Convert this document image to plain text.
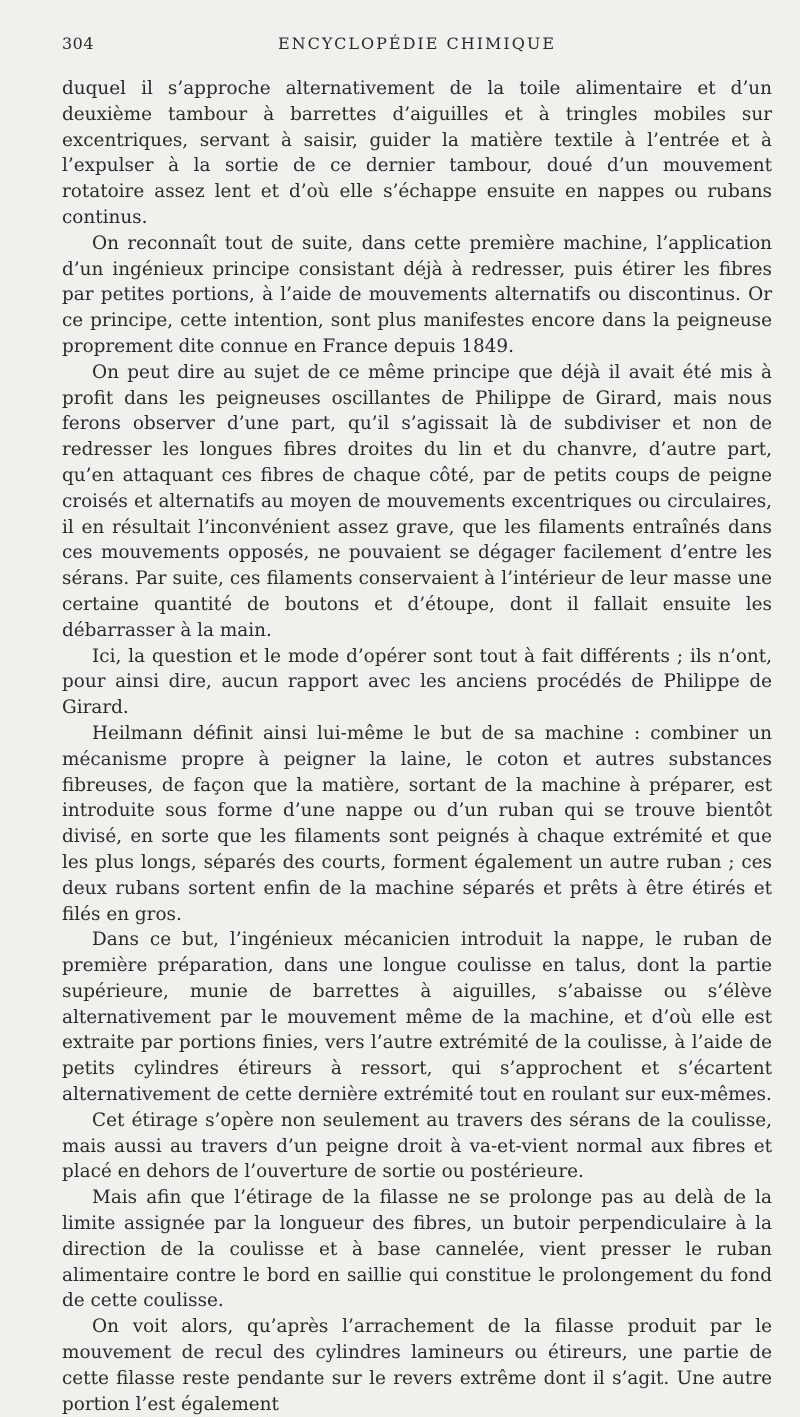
304	ENCYCLOPÉDIE CHIMIQUE

duquel il s’approche alternativement de la toile alimentaire et d’un deuxième tambour à barrettes d’aiguilles et à tringles mobiles sur excentriques, servant à saisir, guider la matière textile à l’entrée et à l’expulser à la sortie de ce dernier tambour, doué d’un mouvement rotatoire assez lent et d’où elle s’échappe ensuite en nappes ou rubans continus.

On reconnaît tout de suite, dans cette première machine, l’application d’un ingénieux principe consistant déjà à redresser, puis étirer les fibres par petites portions, à l’aide de mouvements alternatifs ou discontinus. Or ce principe, cette intention, sont plus manifestes encore dans la peigneuse proprement dite connue en France depuis 1849.

On peut dire au sujet de ce même principe que déjà il avait été mis à profit dans les peigneuses oscillantes de Philippe de Girard, mais nous ferons observer d’une part, qu’il s’agissait là de subdiviser et non de redresser les longues fibres droites du lin et du chanvre, d’autre part, qu’en attaquant ces fibres de chaque côté, par de petits coups de peigne croisés et alternatifs au moyen de mouvements excentriques ou circulaires, il en résultait l’inconvénient assez grave, que les filaments entraînés dans ces mouvements opposés, ne pouvaient se dégager facilement d’entre les sérans. Par suite, ces filaments conservaient à l’intérieur de leur masse une certaine quantité de boutons et d’étoupe, dont il fallait ensuite les débarrasser à la main.

Ici, la question et le mode d’opérer sont tout à fait différents ; ils n’ont, pour ainsi dire, aucun rapport avec les anciens procédés de Philippe de Girard.

Heilmann définit ainsi lui-même le but de sa machine : combiner un mécanisme propre à peigner la laine, le coton et autres substances fibreuses, de façon que la matière, sortant de la machine à préparer, est introduite sous forme d’une nappe ou d’un ruban qui se trouve bientôt divisé, en sorte que les filaments sont peignés à chaque extrémité et que les plus longs, séparés des courts, forment également un autre ruban ; ces deux rubans sortent enfin de la machine séparés et prêts à être étirés et filés en gros.

Dans ce but, l’ingénieux mécanicien introduit la nappe, le ruban de première préparation, dans une longue coulisse en talus, dont la partie supérieure, munie de barrettes à aiguilles, s’abaisse ou s’élève alternativement par le mouvement même de la machine, et d’où elle est extraite par portions finies, vers l’autre extrémité de la coulisse, à l’aide de petits cylindres étireurs à ressort, qui s’approchent et s’écartent alternativement de cette dernière extrémité tout en roulant sur eux-mêmes.

Cet étirage s’opère non seulement au travers des sérans de la coulisse, mais aussi au travers d’un peigne droit à va-et-vient normal aux fibres et placé en dehors de l’ouverture de sortie ou postérieure.

Mais afin que l’étirage de la filasse ne se prolonge pas au delà de la limite assignée par la longueur des fibres, un butoir perpendiculaire à la direction de la coulisse et à base cannelée, vient presser le ruban alimentaire contre le bord en saillie qui constitue le prolongement du fond de cette coulisse.

On voit alors, qu’après l’arrachement de la filasse produit par le mouvement de recul des cylindres lamineurs ou étireurs, une partie de cette filasse reste pendante sur le revers extrême dont il s’agit. Une autre portion l’est également
